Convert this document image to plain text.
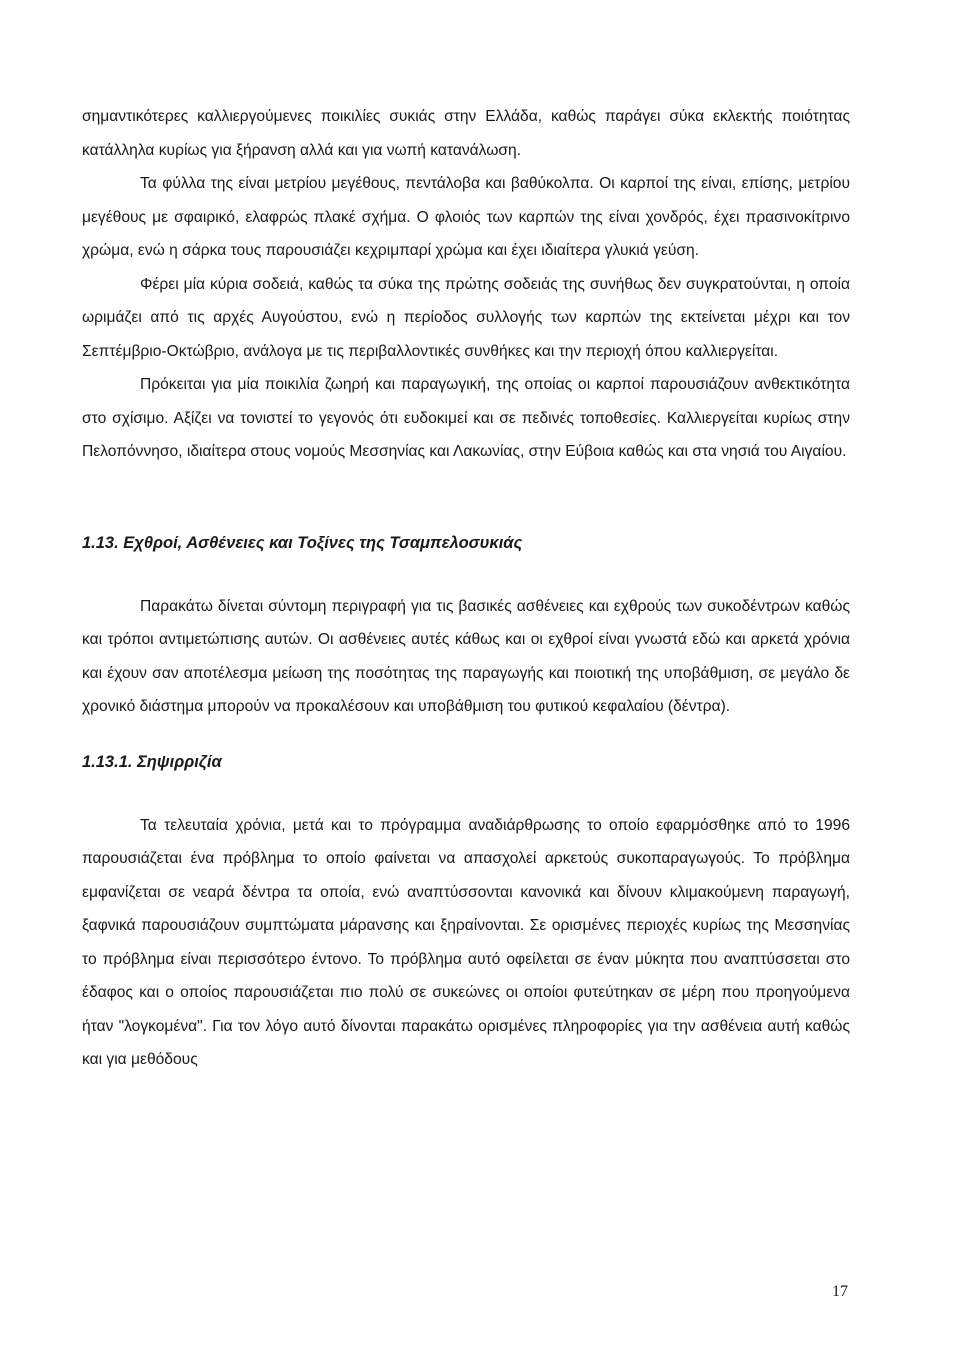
σημαντικότερες καλλιεργούμενες ποικιλίες συκιάς στην Ελλάδα, καθώς παράγει σύκα εκλεκτής ποιότητας κατάλληλα κυρίως για ξήρανση αλλά και για νωπή κατανάλωση.

Τα φύλλα της είναι μετρίου μεγέθους, πεντάλοβα και βαθύκολπα. Οι καρποί της είναι, επίσης, μετρίου μεγέθους με σφαιρικό, ελαφρώς πλακέ σχήμα. Ο φλοιός των καρπών της είναι χονδρός, έχει πρασινοκίτρινο χρώμα, ενώ η σάρκα τους παρουσιάζει κεχριμπαρί χρώμα και έχει ιδιαίτερα γλυκιά γεύση.

Φέρει μία κύρια σοδειά, καθώς τα σύκα της πρώτης σοδειάς της συνήθως δεν συγκρατούνται, η οποία ωριμάζει από τις αρχές Αυγούστου, ενώ η περίοδος συλλογής των καρπών της εκτείνεται μέχρι και τον Σεπτέμβριο-Οκτώβριο, ανάλογα με τις περιβαλλοντικές συνθήκες και την περιοχή όπου καλλιεργείται.

Πρόκειται για μία ποικιλία ζωηρή και παραγωγική, της οποίας οι καρποί παρουσιάζουν ανθεκτικότητα στο σχίσιμο. Αξίζει να τονιστεί το γεγονός ότι ευδοκιμεί και σε πεδινές τοποθεσίες. Καλλιεργείται κυρίως στην Πελοπόννησο, ιδιαίτερα στους νομούς Μεσσηνίας και Λακωνίας, στην Εύβοια καθώς και στα νησιά του Αιγαίου.

1.13. Εχθροί, Ασθένειες και Τοξίνες της Τσαμπελοσυκιάς

Παρακάτω δίνεται σύντομη περιγραφή για τις βασικές ασθένειες και εχθρούς των συκοδέντρων καθώς και τρόποι αντιμετώπισης αυτών. Οι ασθένειες αυτές κάθως και οι εχθροί είναι γνωστά εδώ και αρκετά χρόνια και έχουν σαν αποτέλεσμα μείωση της ποσότητας της παραγωγής και ποιοτική της υποβάθμιση, σε μεγάλο δε χρονικό διάστημα μπορούν να προκαλέσουν και υποβάθμιση του φυτικού κεφαλαίου (δέντρα).

1.13.1. Σηψιρριζία

Τα τελευταία χρόνια, μετά και το πρόγραμμα αναδιάρθρωσης το οποίο εφαρμόσθηκε από το 1996 παρουσιάζεται ένα πρόβλημα το οποίο φαίνεται να απασχολεί αρκετούς συκοπαραγωγούς. Το πρόβλημα εμφανίζεται σε νεαρά δέντρα τα οποία, ενώ αναπτύσσονται κανονικά και δίνουν κλιμακούμενη παραγωγή, ξαφνικά παρουσιάζουν συμπτώματα μάρανσης και ξηραίνονται. Σε ορισμένες περιοχές κυρίως της Μεσσηνίας το πρόβλημα είναι περισσότερο έντονο. Το πρόβλημα αυτό οφείλεται σε έναν μύκητα που αναπτύσσεται στο έδαφος και ο οποίος παρουσιάζεται πιο πολύ σε συκεώνες οι οποίοι φυτεύτηκαν σε μέρη που προηγούμενα ήταν "λογκομένα". Για τον λόγο αυτό δίνονται παρακάτω ορισμένες πληροφορίες για την ασθένεια αυτή καθώς και για μεθόδους

17
